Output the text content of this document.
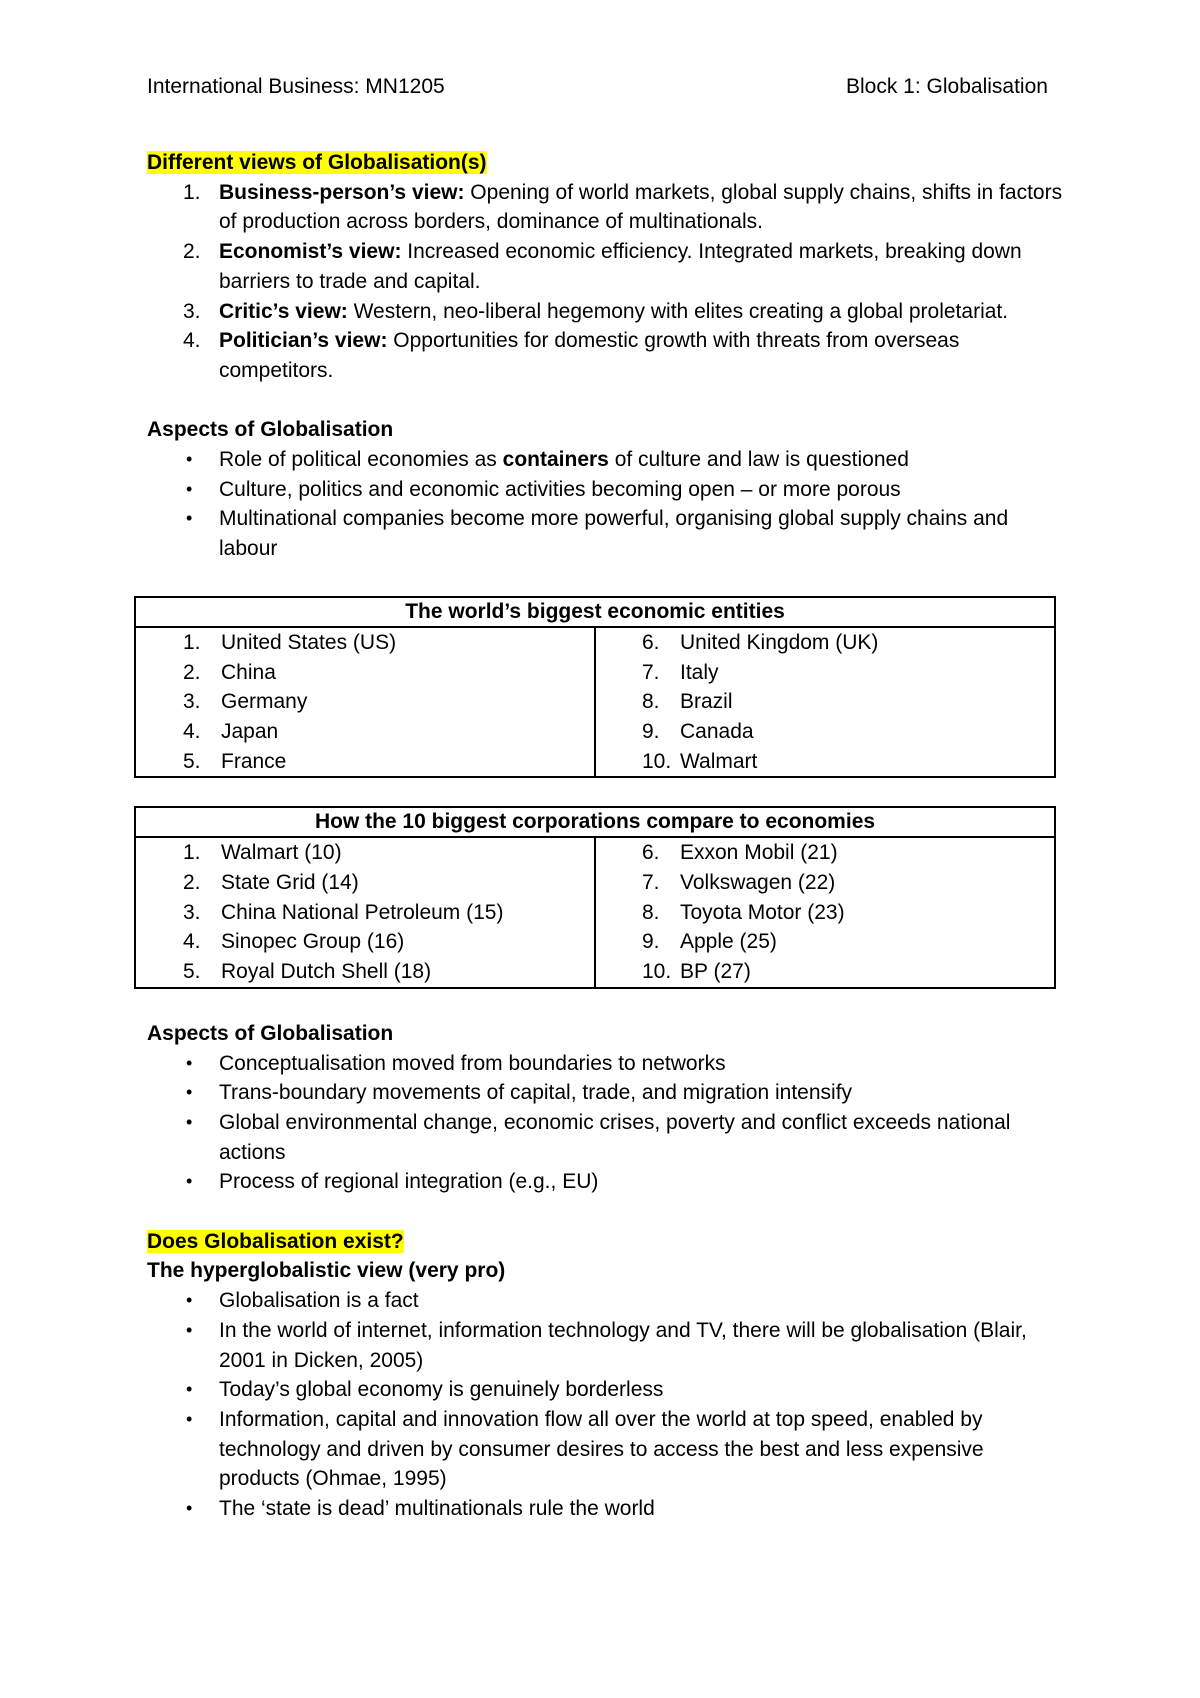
International Business: MN1205	Block 1: Globalisation
Different views of Globalisation(s)
1. Business-person’s view: Opening of world markets, global supply chains, shifts in factors of production across borders, dominance of multinationals.
2. Economist’s view: Increased economic efficiency. Integrated markets, breaking down barriers to trade and capital.
3. Critic’s view: Western, neo-liberal hegemony with elites creating a global proletariat.
4. Politician’s view: Opportunities for domestic growth with threats from overseas competitors.
Aspects of Globalisation
• Role of political economies as containers of culture and law is questioned
• Culture, politics and economic activities becoming open – or more porous
• Multinational companies become more powerful, organising global supply chains and labour
The world’s biggest economic entities

1. United States (US)
2. China
3. Germany
4. Japan
5. France

6. United Kingdom (UK)
7. Italy
8. Brazil
9. Canada
10. Walmart
How the 10 biggest corporations compare to economies

1. Walmart (10)
2. State Grid (14)
3. China National Petroleum (15)
4. Sinopec Group (16)
5. Royal Dutch Shell (18)

6. Exxon Mobil (21)
7. Volkswagen (22)
8. Toyota Motor (23)
9. Apple (25)
10. BP (27)
Aspects of Globalisation
• Conceptualisation moved from boundaries to networks
• Trans-boundary movements of capital, trade, and migration intensify
• Global environmental change, economic crises, poverty and conflict exceeds national actions
• Process of regional integration (e.g., EU)
Does Globalisation exist?
The hyperglobalistic view (very pro)
• Globalisation is a fact
• In the world of internet, information technology and TV, there will be globalisation (Blair, 2001 in Dicken, 2005)
• Today’s global economy is genuinely borderless
• Information, capital and innovation flow all over the world at top speed, enabled by technology and driven by consumer desires to access the best and less expensive products (Ohmae, 1995)
• The ‘state is dead’ multinationals rule the world
